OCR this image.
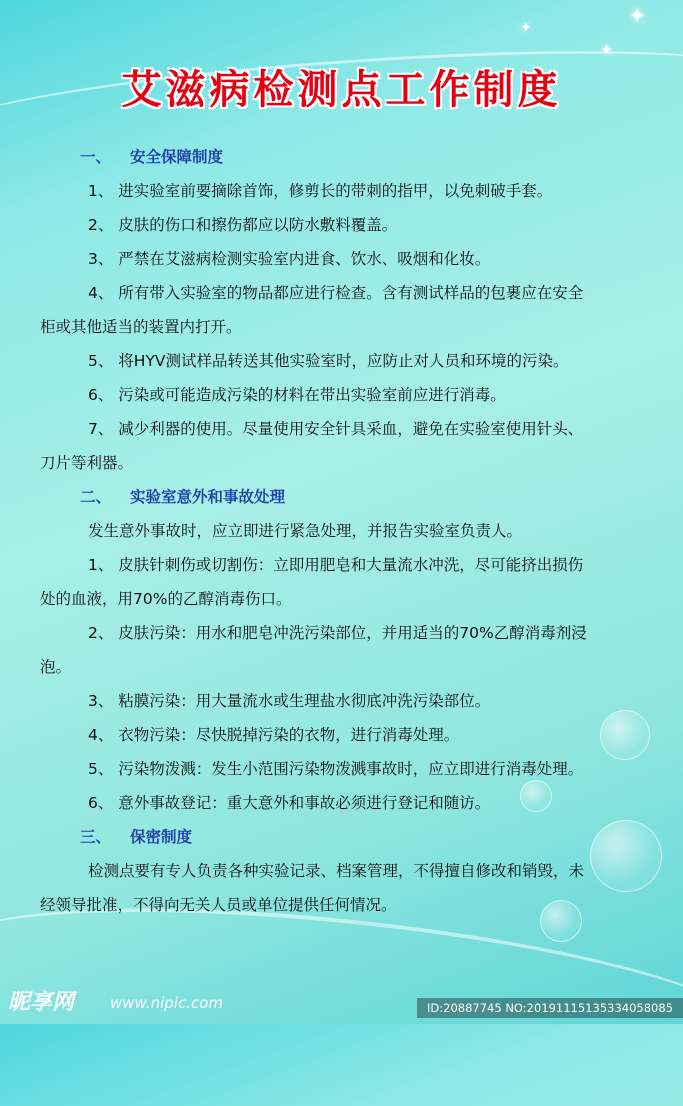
✦
✦
✦
艾滋病检测点工作制度
一、 安全保障制度
1、 进实验室前要摘除首饰，修剪长的带刺的指甲，以免刺破手套。
2、 皮肤的伤口和擦伤都应以防水敷料覆盖。
3、 严禁在艾滋病检测实验室内进食、饮水、吸烟和化妆。
4、 所有带入实验室的物品都应进行检查。含有测试样品的包裹应在安全
柜或其他适当的装置内打开。
5、 将HYV测试样品转送其他实验室时，应防止对人员和环境的污染。
6、 污染或可能造成污染的材料在带出实验室前应进行消毒。
7、 减少利器的使用。尽量使用安全针具采血，避免在实验室使用针头、
刀片等利器。
二、 实验室意外和事故处理
发生意外事故时，应立即进行紧急处理，并报告实验室负责人。
1、 皮肤针刺伤或切割伤：立即用肥皂和大量流水冲洗，尽可能挤出损伤
处的血液，用70%的乙醇消毒伤口。
2、 皮肤污染：用水和肥皂冲洗污染部位，并用适当的70%乙醇消毒剂浸
泡。
3、 粘膜污染：用大量流水或生理盐水彻底冲洗污染部位。
4、 衣物污染：尽快脱掉污染的衣物，进行消毒处理。
5、 污染物泼溅：发生小范围污染物泼溅事故时，应立即进行消毒处理。
6、 意外事故登记：重大意外和事故必须进行登记和随访。
三、 保密制度
检测点要有专人负责各种实验记录、档案管理，不得擅自修改和销毁，未
经领导批准，不得向无关人员或单位提供任何情况。
昵享网 www.nipic.com	ID:20887745 NO:20191115135334058085
